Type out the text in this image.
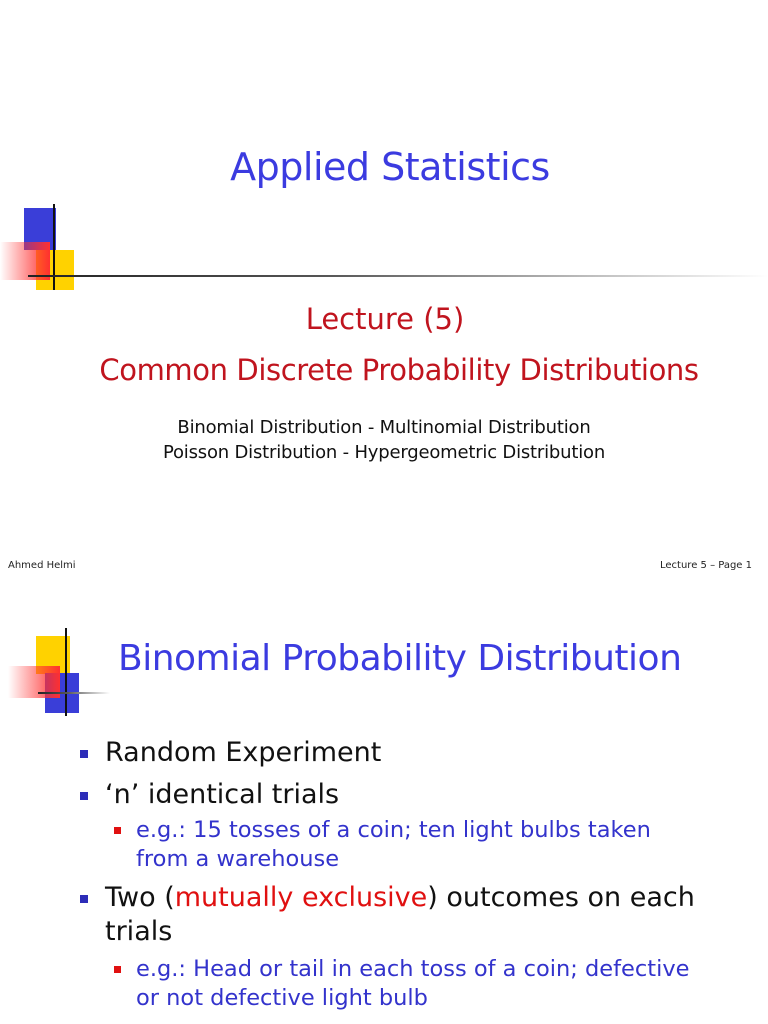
Applied Statistics
Lecture (5)
Common Discrete Probability Distributions
Binomial Distribution - Multinomial Distribution
Poisson Distribution - Hypergeometric Distribution
Ahmed Helmi	Lecture 5 – Page 1
Binomial Probability Distribution
Random Experiment
‘n’ identical trials
e.g.: 15 tosses of a coin; ten light bulbs taken
from a warehouse
Two (mutually exclusive) outcomes on each
trials
e.g.: Head or tail in each toss of a coin; defective
or not defective light bulb
